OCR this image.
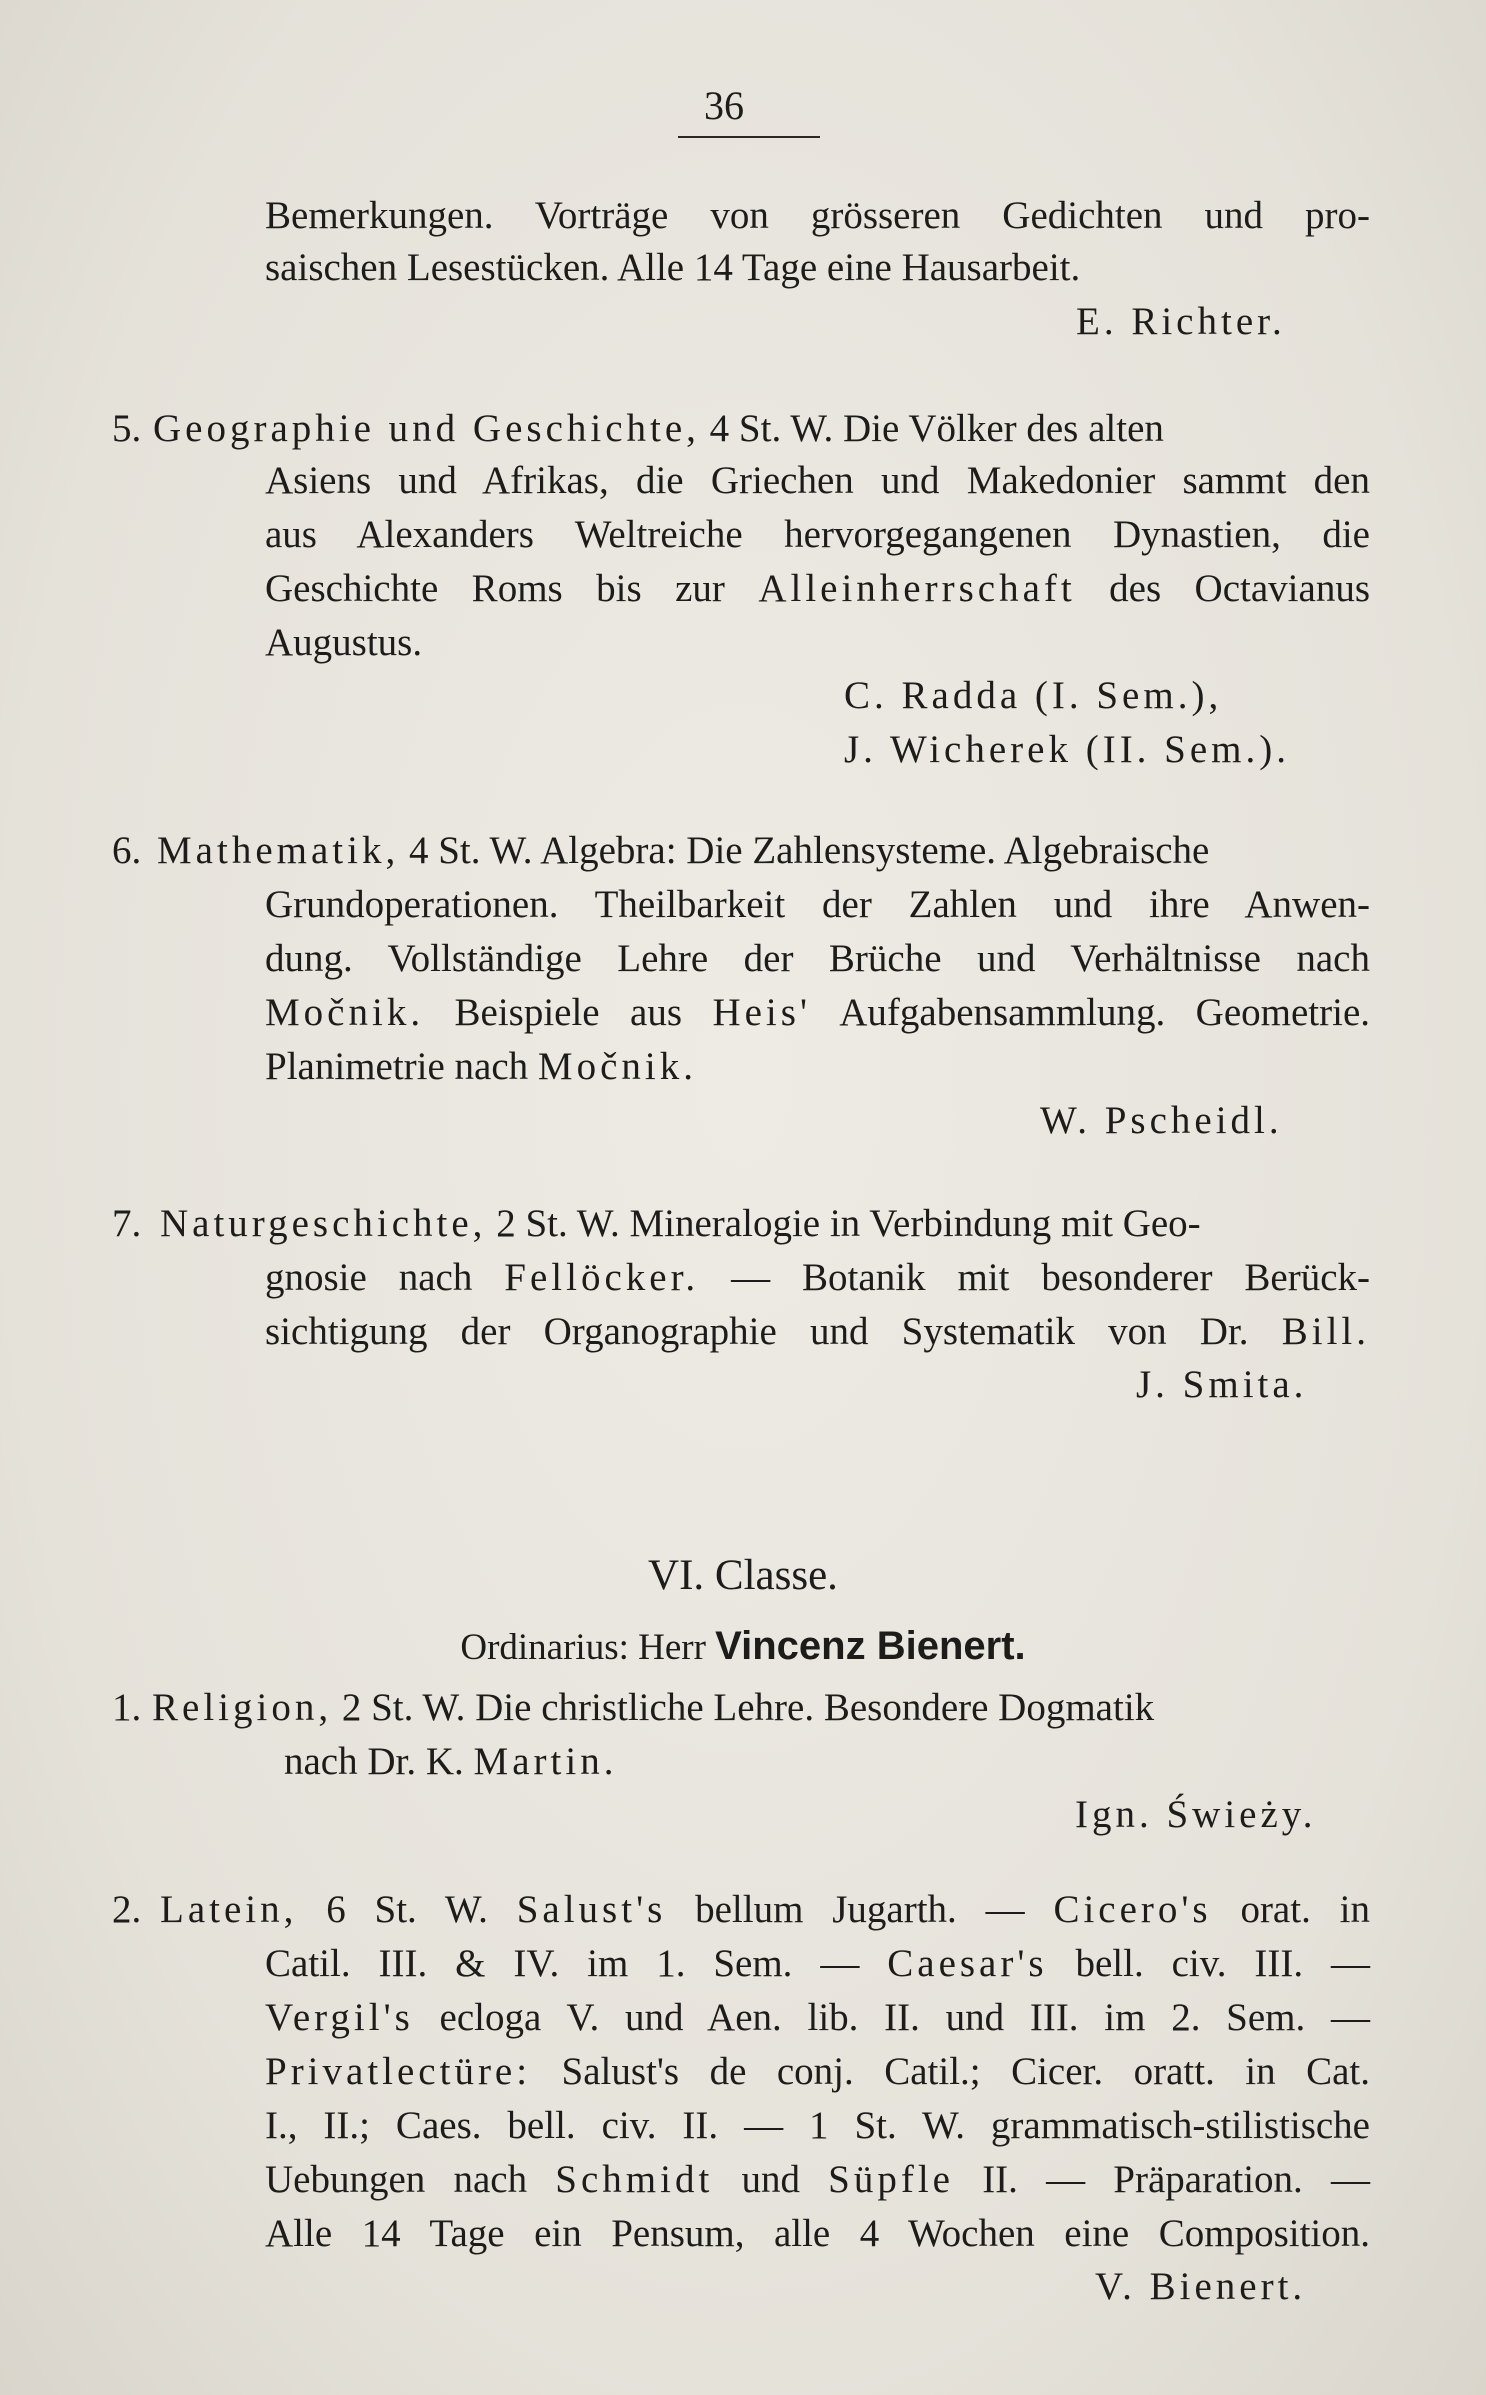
36
Bemerkungen. Vorträge von grösseren Gedichten und pro-
saischen Lesestücken. Alle 14 Tage eine Hausarbeit.
E. Richter.
5. Geographie und Geschichte, 4 St. W. Die Völker des alten
Asiens und Afrikas, die Griechen und Makedonier sammt den
aus Alexanders Weltreiche hervorgegangenen Dynastien, die
Geschichte Roms bis zur Alleinherrschaft des Octavianus
Augustus.
C. Radda (I. Sem.),
J. Wicherek (II. Sem.).
6. Mathematik, 4 St. W. Algebra: Die Zahlensysteme. Algebraische
Grundoperationen. Theilbarkeit der Zahlen und ihre Anwen-
dung. Vollständige Lehre der Brüche und Verhältnisse nach
Močnik. Beispiele aus Heis' Aufgabensammlung. Geometrie.
Planimetrie nach Močnik.
W. Pscheidl.
7. Naturgeschichte, 2 St. W. Mineralogie in Verbindung mit Geo-
gnosie nach Fellöcker. — Botanik mit besonderer Berück-
sichtigung der Organographie und Systematik von Dr. Bill.
J. Smita.
VI. Classe.
Ordinarius: Herr Vincenz Bienert.
1. Religion, 2 St. W. Die christliche Lehre. Besondere Dogmatik
nach Dr. K. Martin.
Ign. Świeży.
2. Latein, 6 St. W. Salust's bellum Jugarth. — Cicero's orat. in
Catil. III. & IV. im 1. Sem. — Caesar's bell. civ. III. —
Vergil's ecloga V. und Aen. lib. II. und III. im 2. Sem. —
Privatlectüre: Salust's de conj. Catil.; Cicer. oratt. in Cat.
I., II.; Caes. bell. civ. II. — 1 St. W. grammatisch-stilistische
Uebungen nach Schmidt und Süpfle II. — Präparation. —
Alle 14 Tage ein Pensum, alle 4 Wochen eine Composition.
V. Bienert.
